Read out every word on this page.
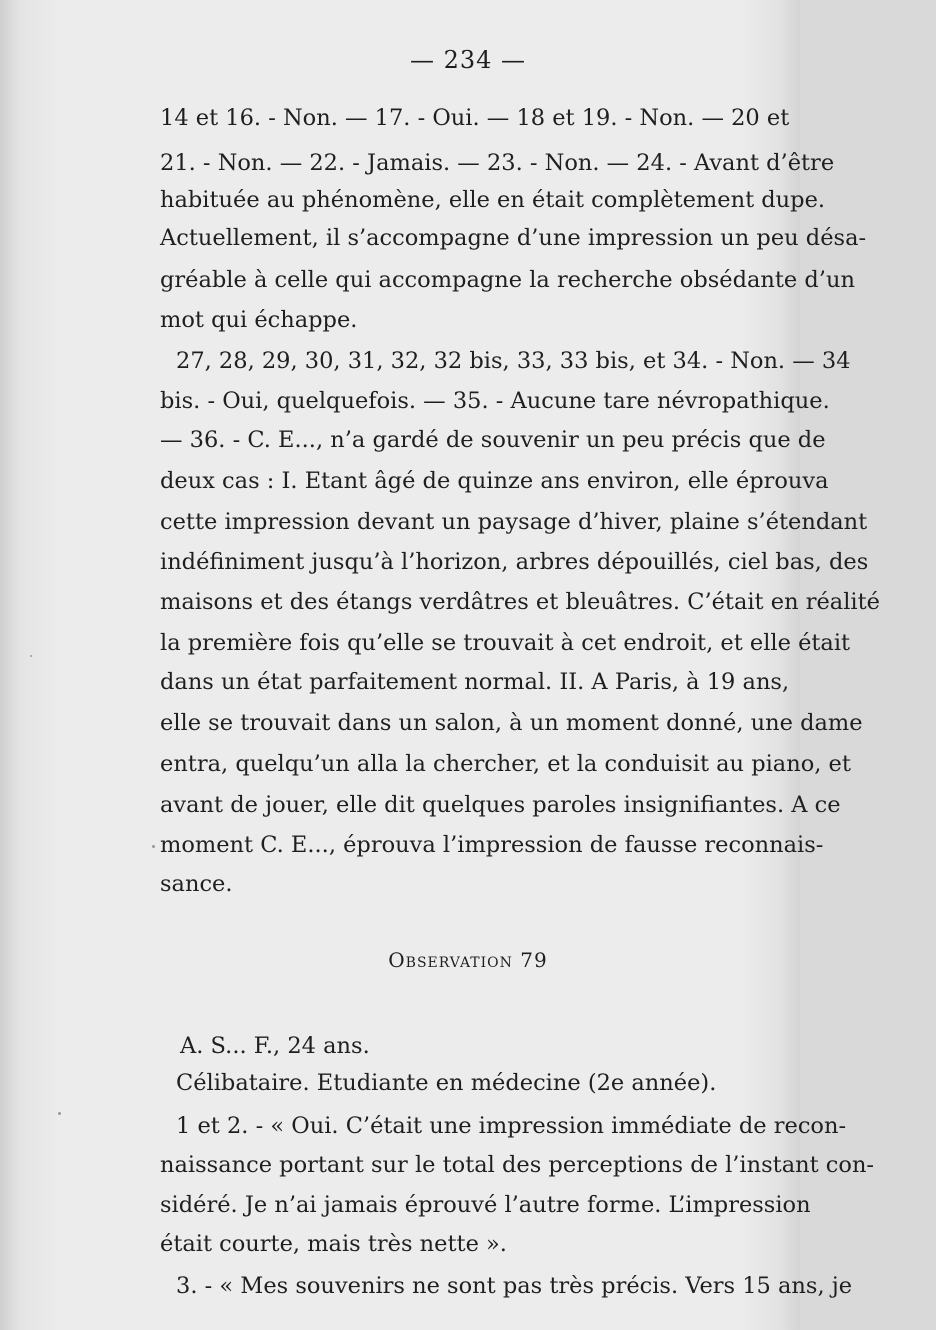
— 234 —
14 et 16. - Non. — 17. - Oui. — 18 et 19. - Non. — 20 et
21. - Non. — 22. - Jamais. — 23. - Non. — 24. - Avant d’être
habituée au phénomène, elle en était complètement dupe.
Actuellement, il s’accompagne d’une impression un peu désa-
gréable à celle qui accompagne la recherche obsédante d’un
mot qui échappe.
27, 28, 29, 30, 31, 32, 32 bis, 33, 33 bis, et 34. - Non. — 34
bis. - Oui, quelquefois. — 35. - Aucune tare névropathique.
— 36. - C. E..., n’a gardé de souvenir un peu précis que de
deux cas : I. Etant âgé de quinze ans environ, elle éprouva
cette impression devant un paysage d’hiver, plaine s’étendant
indéfiniment jusqu’à l’horizon, arbres dépouillés, ciel bas, des
maisons et des étangs verdâtres et bleuâtres. C’était en réalité
la première fois qu’elle se trouvait à cet endroit, et elle était
dans un état parfaitement normal. II. A Paris, à 19 ans,
elle se trouvait dans un salon, à un moment donné, une dame
entra, quelqu’un alla la chercher, et la conduisit au piano, et
avant de jouer, elle dit quelques paroles insignifiantes. A ce
moment C. E..., éprouva l’impression de fausse reconnais-
sance.
Observation 79
A. S... F., 24 ans.
Célibataire. Etudiante en médecine (2e année).
1 et 2. - « Oui. C’était une impression immédiate de recon-
naissance portant sur le total des perceptions de l’instant con-
sidéré. Je n’ai jamais éprouvé l’autre forme. L’impression
était courte, mais très nette ».
3. - « Mes souvenirs ne sont pas très précis. Vers 15 ans, je
